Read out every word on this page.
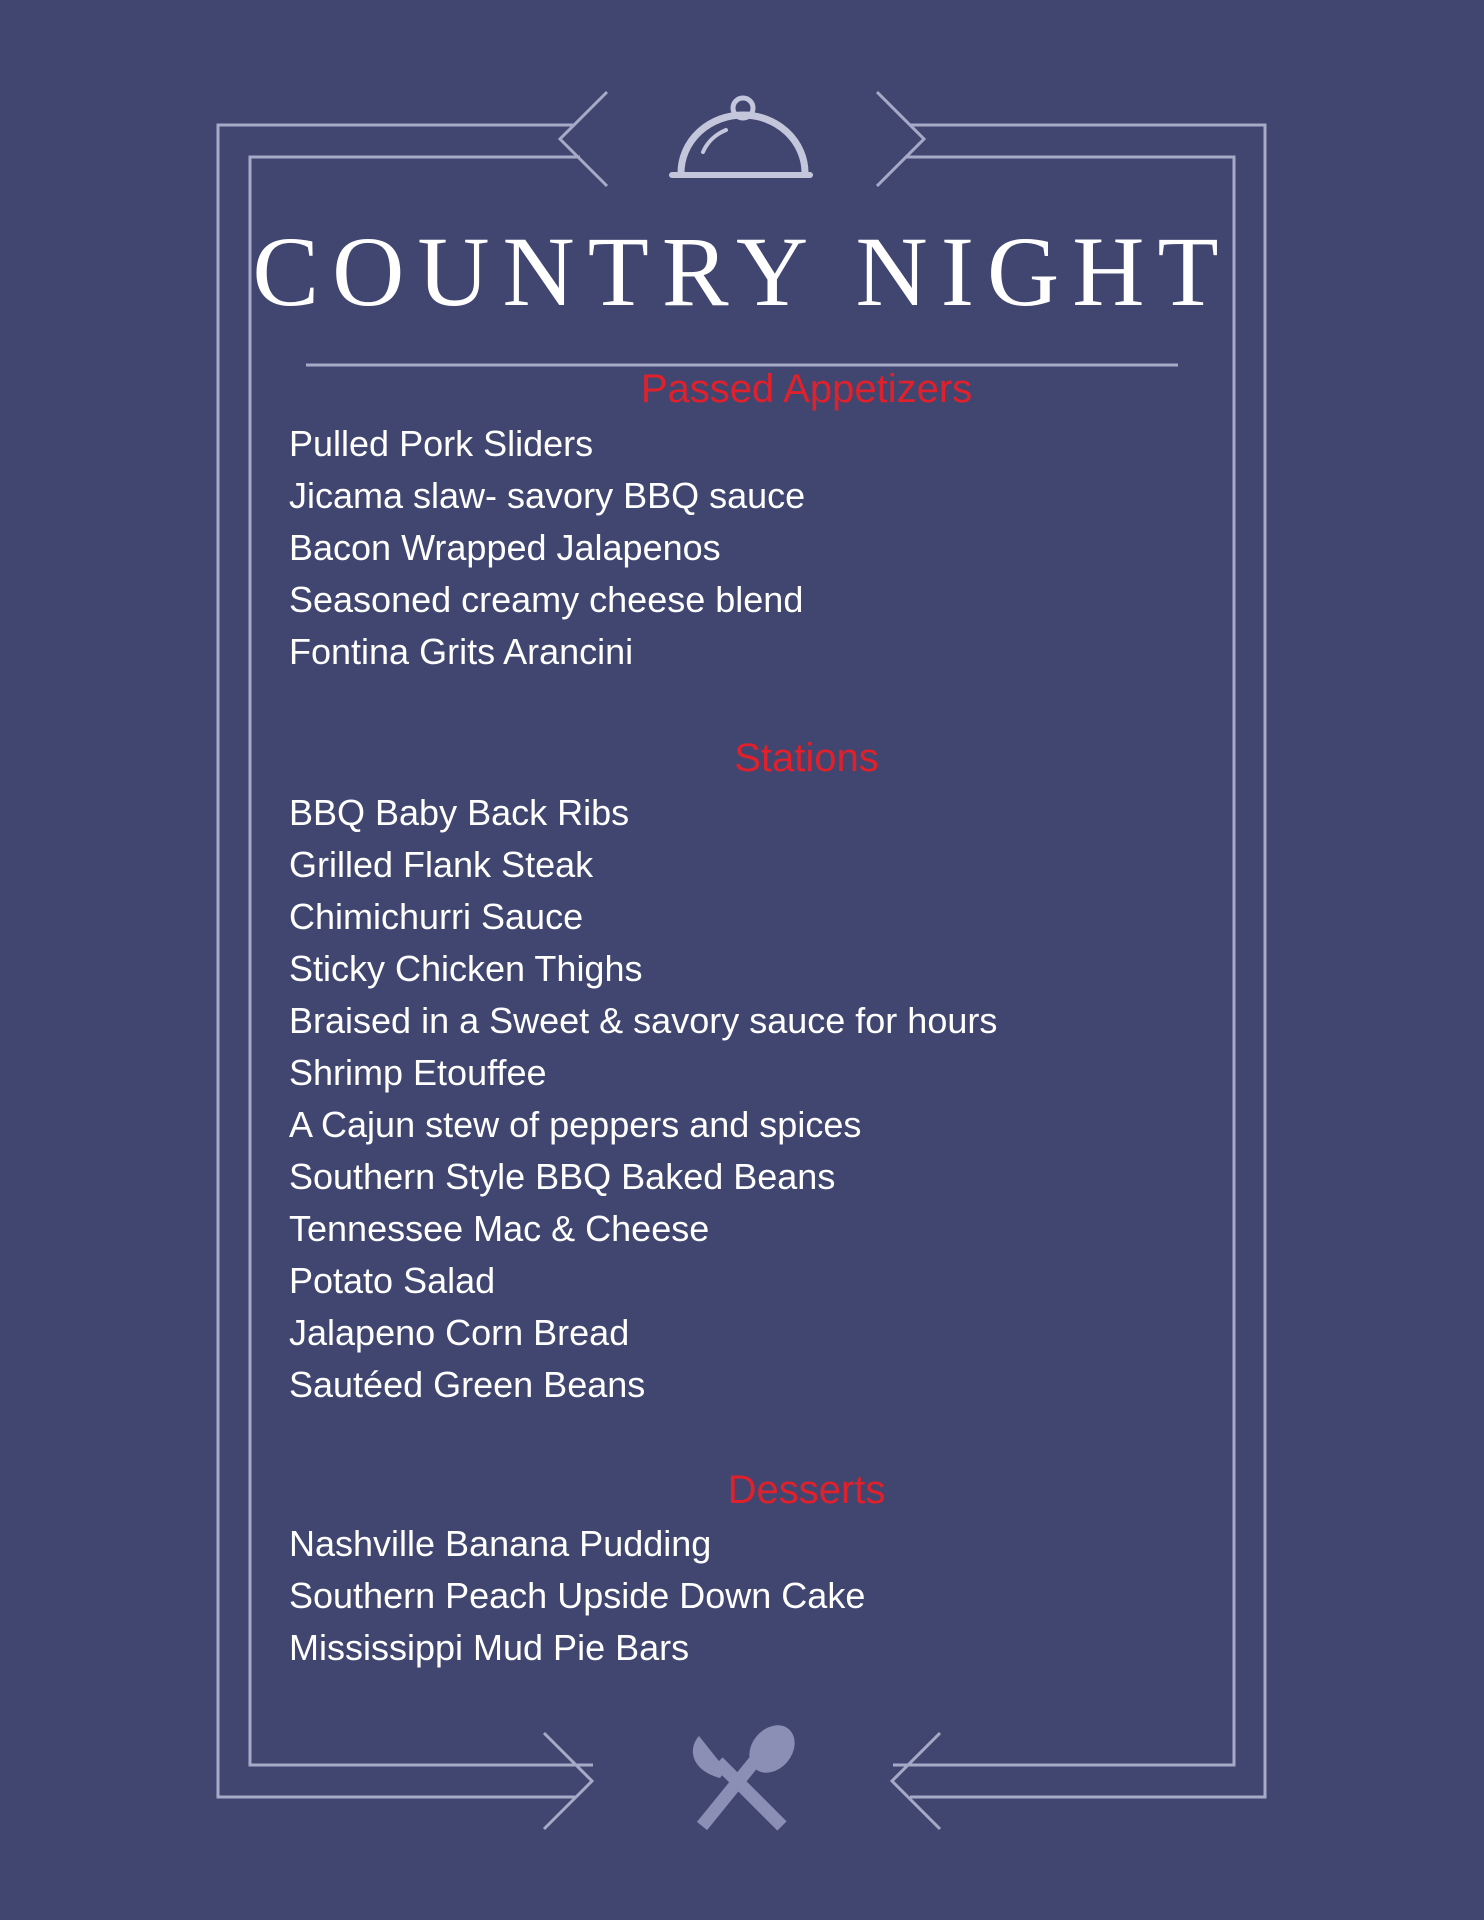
COUNTRY NIGHT
Passed Appetizers
Pulled Pork Sliders
Jicama slaw- savory BBQ sauce
Bacon Wrapped Jalapenos
Seasoned creamy cheese blend
Fontina Grits Arancini
Stations
BBQ Baby Back Ribs
Grilled Flank Steak
Chimichurri Sauce
Sticky Chicken Thighs
Braised in a Sweet & savory sauce for hours
Shrimp Etouffee
A Cajun stew of peppers and spices
Southern Style BBQ Baked Beans
Tennessee Mac & Cheese
Potato Salad
Jalapeno Corn Bread
Sautéed Green Beans
Desserts
Nashville Banana Pudding
Southern Peach Upside Down Cake
Mississippi Mud Pie Bars
